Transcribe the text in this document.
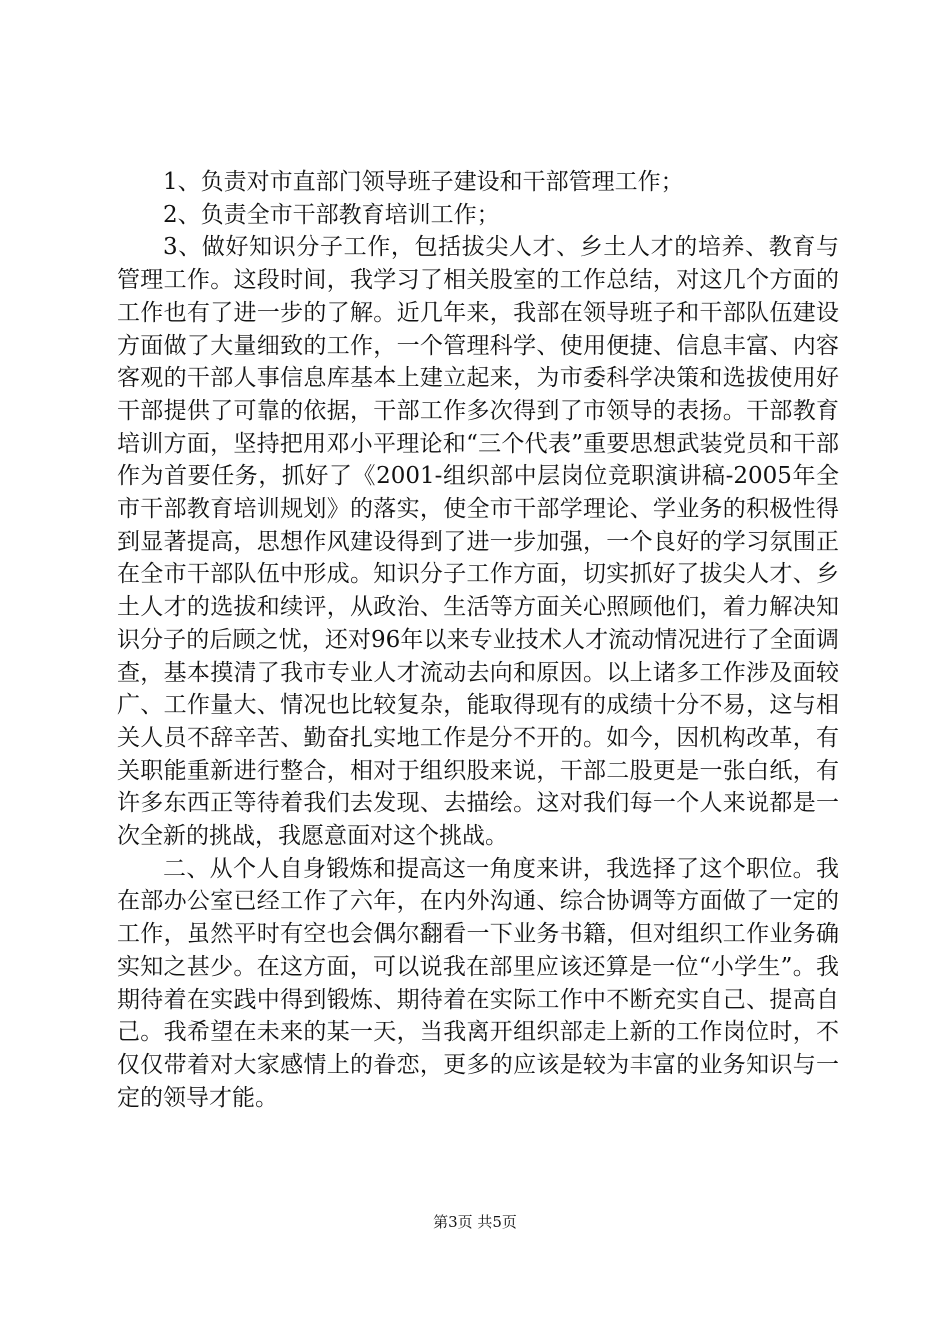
1、负责对市直部门领导班子建设和干部管理工作；

2、负责全市干部教育培训工作；

3、做好知识分子工作，包括拔尖人才、乡土人才的培养、教育与管理工作。这段时间，我学习了相关股室的工作总结，对这几个方面的工作也有了进一步的了解。近几年来，我部在领导班子和干部队伍建设方面做了大量细致的工作，一个管理科学、使用便捷、信息丰富、内容客观的干部人事信息库基本上建立起来，为市委科学决策和选拔使用好干部提供了可靠的依据，干部工作多次得到了市领导的表扬。干部教育培训方面，坚持把用邓小平理论和“三个代表”重要思想武装党员和干部作为首要任务，抓好了《2001-组织部中层岗位竞职演讲稿-2005年全市干部教育培训规划》的落实，使全市干部学理论、学业务的积极性得到显著提高，思想作风建设得到了进一步加强，一个良好的学习氛围正在全市干部队伍中形成。知识分子工作方面，切实抓好了拔尖人才、乡土人才的选拔和续评，从政治、生活等方面关心照顾他们，着力解决知识分子的后顾之忧，还对96年以来专业技术人才流动情况进行了全面调查，基本摸清了我市专业人才流动去向和原因。以上诸多工作涉及面较广、工作量大、情况也比较复杂，能取得现有的成绩十分不易，这与相关人员不辞辛苦、勤奋扎实地工作是分不开的。如今，因机构改革，有关职能重新进行整合，相对于组织股来说，干部二股更是一张白纸，有许多东西正等待着我们去发现、去描绘。这对我们每一个人来说都是一次全新的挑战，我愿意面对这个挑战。

二、从个人自身锻炼和提高这一角度来讲，我选择了这个职位。我在部办公室已经工作了六年，在内外沟通、综合协调等方面做了一定的工作，虽然平时有空也会偶尔翻看一下业务书籍，但对组织工作业务确实知之甚少。在这方面，可以说我在部里应该还算是一位“小学生”。我期待着在实践中得到锻炼、期待着在实际工作中不断充实自己、提高自己。我希望在未来的某一天，当我离开组织部走上新的工作岗位时，不仅仅带着对大家感情上的眷恋，更多的应该是较为丰富的业务知识与一定的领导才能。

第3页 共5页
